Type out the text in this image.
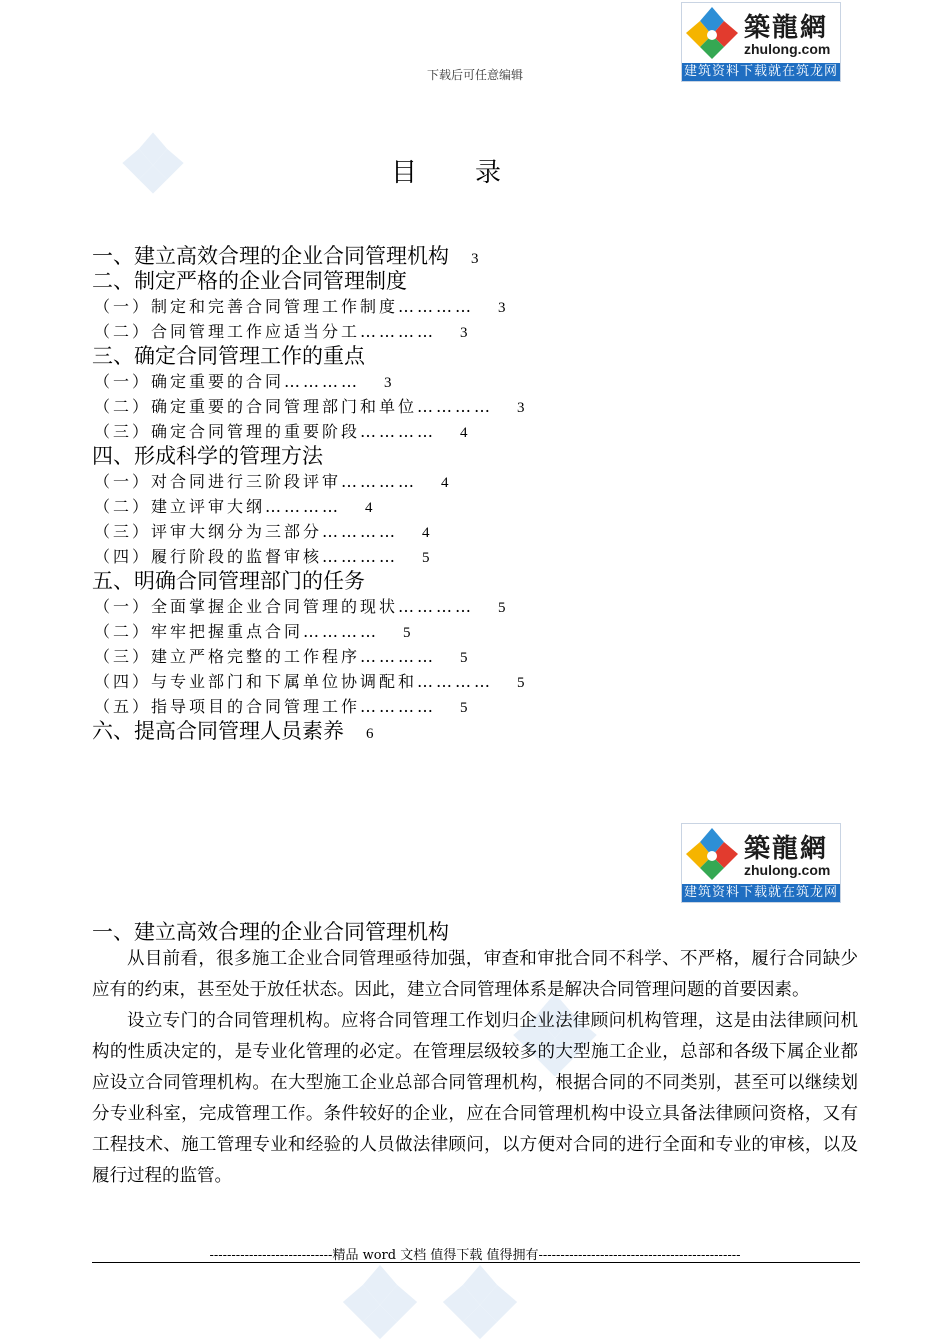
下载后可任意编辑
築龍網
zhulong.com
建筑资料下载就在筑龙网
目录
一、建立高效合理的企业合同管理机构 3
二、制定严格的企业合同管理制度
（一）制定和完善合同管理工作制度………… 3
（二）合同管理工作应适当分工………… 3
三、确定合同管理工作的重点
（一）确定重要的合同………… 3
（二）确定重要的合同管理部门和单位………… 3
（三）确定合同管理的重要阶段………… 4
四、形成科学的管理方法
（一）对合同进行三阶段评审………… 4
（二）建立评审大纲………… 4
（三）评审大纲分为三部分………… 4
（四）履行阶段的监督审核………… 5
五、明确合同管理部门的任务
（一）全面掌握企业合同管理的现状………… 5
（二）牢牢把握重点合同………… 5
（三）建立严格完整的工作程序………… 5
（四）与专业部门和下属单位协调配和………… 5
（五）指导项目的合同管理工作………… 5
六、提高合同管理人员素养 6
築龍網
zhulong.com
建筑资料下载就在筑龙网
一、建立高效合理的企业合同管理机构

从目前看，很多施工企业合同管理亟待加强，审查和审批合同不科学、不严格，履行合同缺少应有的约束，甚至处于放任状态。因此，建立合同管理体系是解决合同管理问题的首要因素。

设立专门的合同管理机构。应将合同管理工作划归企业法律顾问机构管理，这是由法律顾问机构的性质决定的，是专业化管理的必定。在管理层级较多的大型施工企业，总部和各级下属企业都应设立合同管理机构。在大型施工企业总部合同管理机构，根据合同的不同类别，甚至可以继续划分专业科室，完成管理工作。条件较好的企业，应在合同管理机构中设立具备法律顾问资格，又有工程技术、施工管理专业和经验的人员做法律顾问，以方便对合同的进行全面和专业的审核，以及履行过程的监管。

----------------------------精品 word 文档 值得下载 值得拥有----------------------------------------------
